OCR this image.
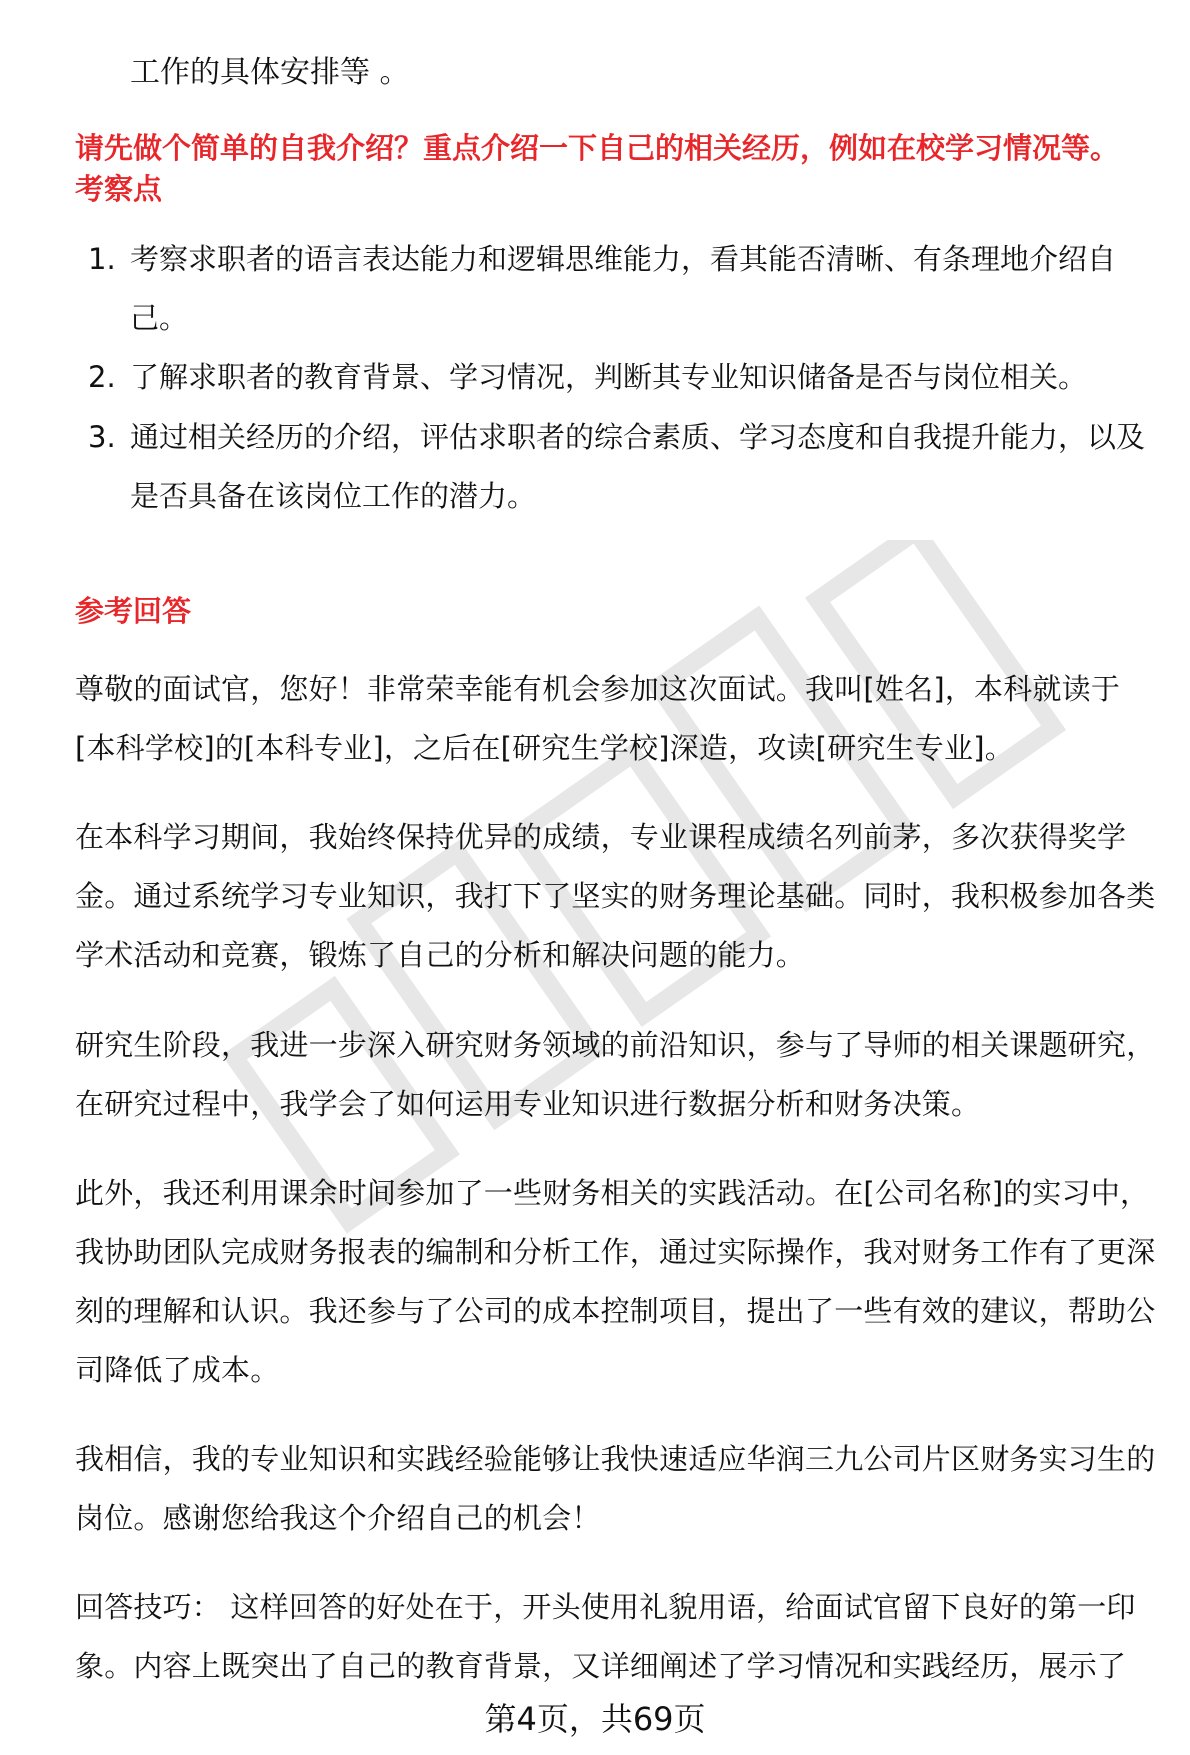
工作的具体安排等 。
请先做个简单的自我介绍？重点介绍一下自己的相关经历，例如在校学习情况等。
考察点
1. 考察求职者的语言表达能力和逻辑思维能力，看其能否清晰、有条理地介绍自己。
2. 了解求职者的教育背景、学习情况，判断其专业知识储备是否与岗位相关。
3. 通过相关经历的介绍，评估求职者的综合素质、学习态度和自我提升能力，以及是否具备在该岗位工作的潜力。
参考回答
尊敬的面试官，您好！非常荣幸能有机会参加这次面试。我叫[姓名]，本科就读于[本科学校]的[本科专业]，之后在[研究生学校]深造，攻读[研究生专业]。
在本科学习期间，我始终保持优异的成绩，专业课程成绩名列前茅，多次获得奖学金。通过系统学习专业知识，我打下了坚实的财务理论基础。同时，我积极参加各类学术活动和竞赛，锻炼了自己的分析和解决问题的能力。
研究生阶段，我进一步深入研究财务领域的前沿知识，参与了导师的相关课题研究，在研究过程中，我学会了如何运用专业知识进行数据分析和财务决策。
此外，我还利用课余时间参加了一些财务相关的实践活动。在[公司名称]的实习中，我协助团队完成财务报表的编制和分析工作，通过实际操作，我对财务工作有了更深刻的理解和认识。我还参与了公司的成本控制项目，提出了一些有效的建议，帮助公司降低了成本。
我相信，我的专业知识和实践经验能够让我快速适应华润三九公司片区财务实习生的岗位。感谢您给我这个介绍自己的机会！
回答技巧： 这样回答的好处在于，开头使用礼貌用语，给面试官留下良好的第一印象。内容上既突出了自己的教育背景，又详细阐述了学习情况和实践经历，展示了
第4页，共69页
